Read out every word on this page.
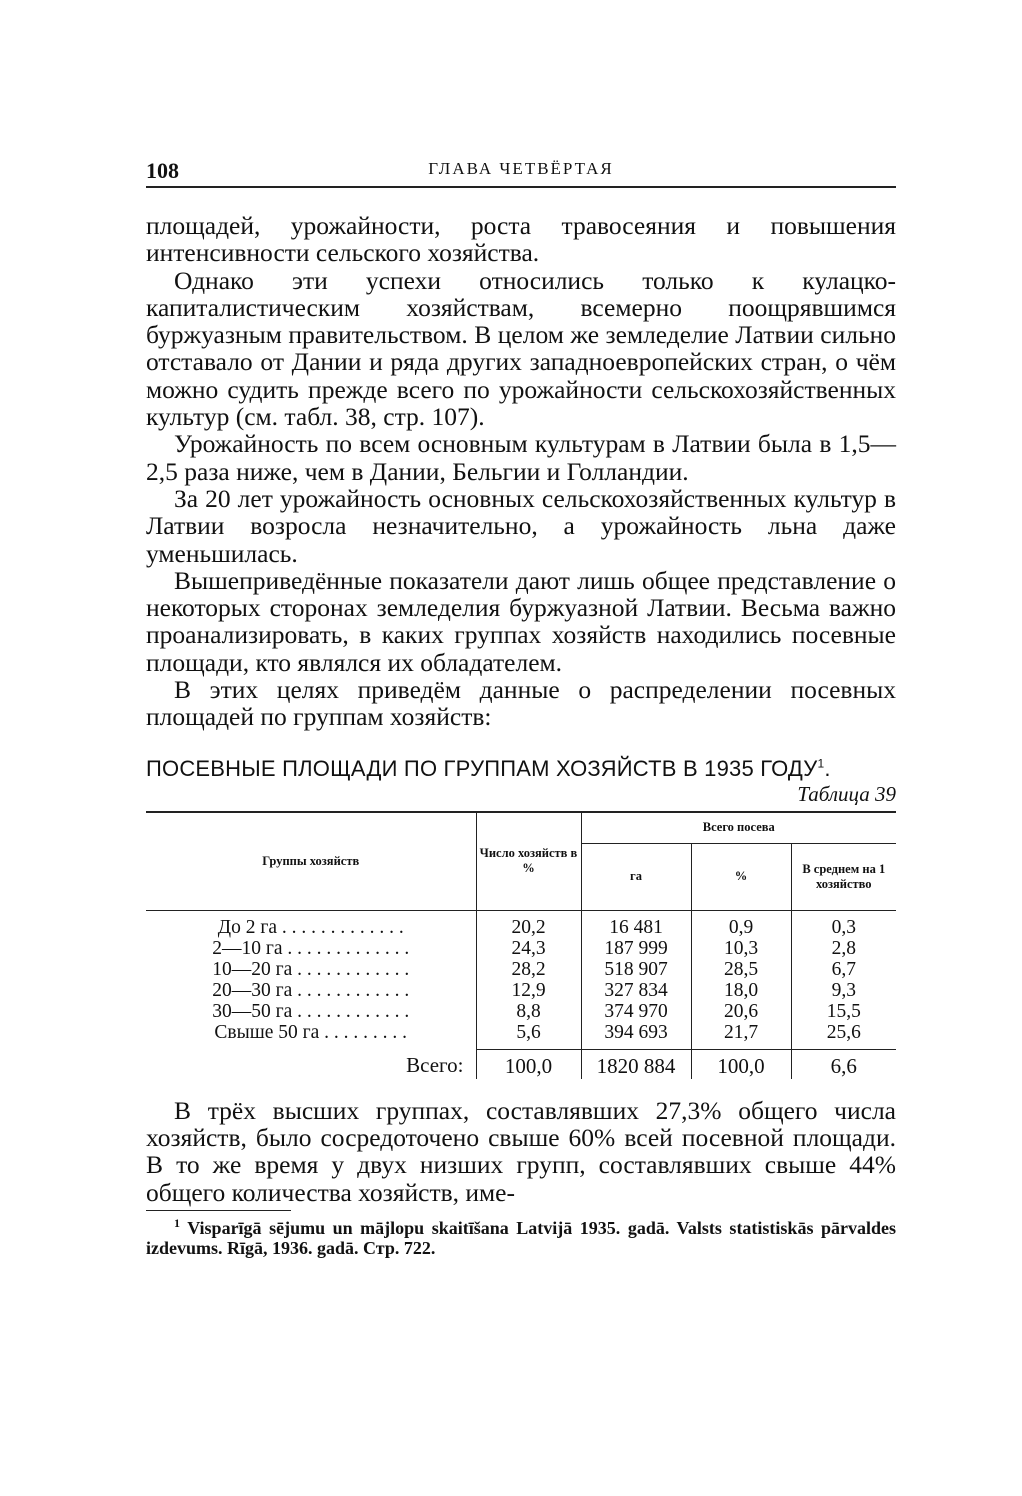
108	ГЛАВА ЧЕТВЁРТАЯ

площадей, урожайности, роста травосеяния и повышения интенсивности сельского хозяйства.

Однако эти успехи относились только к кулацко-капиталистическим хозяйствам, всемерно поощрявшимся буржуазным правительством. В целом же земледелие Латвии сильно отставало от Дании и ряда других западноевропейских стран, о чём можно судить прежде всего по урожайности сельскохозяйственных культур (см. табл. 38, стр. 107).

Урожайность по всем основным культурам в Латвии была в 1,5—2,5 раза ниже, чем в Дании, Бельгии и Голландии.

За 20 лет урожайность основных сельскохозяйственных культур в Латвии возросла незначительно, а урожайность льна даже уменьшилась.

Вышеприведённые показатели дают лишь общее представление о некоторых сторонах земледелия буржуазной Латвии. Весьма важно проанализировать, в каких группах хозяйств находились посевные площади, кто являлся их обладателем.

В этих целях приведём данные о распределении посевных площадей по группам хозяйств:

ПОСЕВНЫЕ ПЛОЩАДИ ПО ГРУППАМ ХОЗЯЙСТВ В 1935 ГОДУ$^1$.
Таблица 39
Группы хозяйств	Число хозяйств в %	Всего посева		
		га	%	В среднем на 1 хозяйство
До 2 га . . . . . . . . . . . . .	20,2	16 481	0,9	0,3
2—10 га . . . . . . . . . . . . .	24,3	187 999	10,3	2,8
10—20 га . . . . . . . . . . . .	28,2	518 907	28,5	6,7
20—30 га . . . . . . . . . . . .	12,9	327 834	18,0	9,3
30—50 га . . . . . . . . . . . .	8,8	374 970	20,6	15,5
Свыше 50 га . . . . . . . . .	5,6	394 693	21,7	25,6
Всего:	100,0	1820 884	100,0	6,6

В трёх высших группах, составлявших 27,3% общего числа хозяйств, было сосредоточено свыше 60% всей посевной площади. В то же время у двух низших групп, составлявших свыше 44% общего количества хозяйств, име-

$^1$ Visparīgā sējumu un mājlopu skaitīšana Latvijā 1935. gadā. Valsts statistiskās pārvaldes izdevums. Rīgā, 1936. gadā. Стр. 722.
